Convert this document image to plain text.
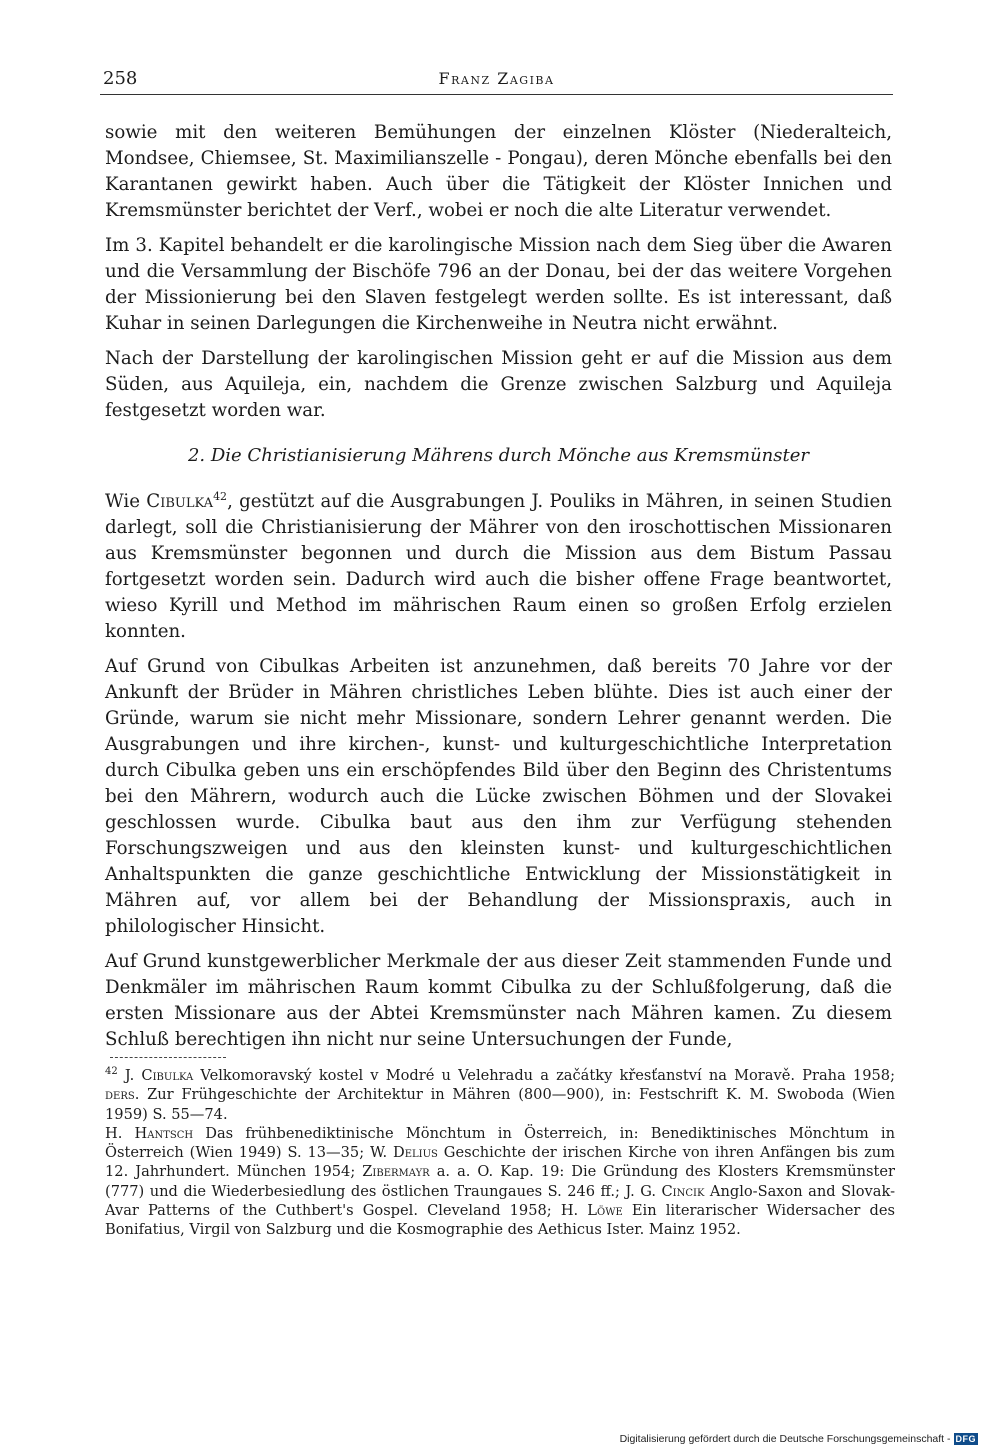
258	Franz Zagiba

sowie mit den weiteren Bemühungen der einzelnen Klöster (Niederalteich, Mondsee, Chiemsee, St. Maximilianszelle - Pongau), deren Mönche ebenfalls bei den Karantanen gewirkt haben. Auch über die Tätigkeit der Klöster Innichen und Kremsmünster berichtet der Verf., wobei er noch die alte Literatur verwendet.

Im 3. Kapitel behandelt er die karolingische Mission nach dem Sieg über die Awaren und die Versammlung der Bischöfe 796 an der Donau, bei der das weitere Vorgehen der Missionierung bei den Slaven festgelegt werden sollte. Es ist interessant, daß Kuhar in seinen Darlegungen die Kirchenweihe in Neutra nicht erwähnt.

Nach der Darstellung der karolingischen Mission geht er auf die Mission aus dem Süden, aus Aquileja, ein, nachdem die Grenze zwischen Salzburg und Aquileja festgesetzt worden war.

2. Die Christianisierung Mährens durch Mönche aus Kremsmünster

Wie Cibulka$^{42}$, gestützt auf die Ausgrabungen J. Pouliks in Mähren, in seinen Studien darlegt, soll die Christianisierung der Mährer von den iroschottischen Missionaren aus Kremsmünster begonnen und durch die Mission aus dem Bistum Passau fortgesetzt worden sein. Dadurch wird auch die bisher offene Frage beantwortet, wieso Kyrill und Method im mährischen Raum einen so großen Erfolg erzielen konnten.

Auf Grund von Cibulkas Arbeiten ist anzunehmen, daß bereits 70 Jahre vor der Ankunft der Brüder in Mähren christliches Leben blühte. Dies ist auch einer der Gründe, warum sie nicht mehr Missionare, sondern Lehrer genannt werden. Die Ausgrabungen und ihre kirchen-, kunst- und kulturgeschichtliche Interpretation durch Cibulka geben uns ein erschöpfendes Bild über den Beginn des Christentums bei den Mährern, wodurch auch die Lücke zwischen Böhmen und der Slovakei geschlossen wurde. Cibulka baut aus den ihm zur Verfügung stehenden Forschungszweigen und aus den kleinsten kunst- und kulturgeschichtlichen Anhaltspunkten die ganze geschichtliche Entwicklung der Missionstätigkeit in Mähren auf, vor allem bei der Behandlung der Missionspraxis, auch in philologischer Hinsicht.

Auf Grund kunstgewerblicher Merkmale der aus dieser Zeit stammenden Funde und Denkmäler im mährischen Raum kommt Cibulka zu der Schlußfolgerung, daß die ersten Missionare aus der Abtei Kremsmünster nach Mähren kamen. Zu diesem Schluß berechtigen ihn nicht nur seine Untersuchungen der Funde,

$^{42}$ J. Cibulka Velkomoravský kostel v Modré u Velehradu a začátky křesťanství na Moravě. Praha 1958; ders. Zur Frühgeschichte der Architektur in Mähren (800—900), in: Festschrift K. M. Swoboda (Wien 1959) S. 55—74.

H. Hantsch Das frühbenediktinische Mönchtum in Österreich, in: Benediktinisches Mönchtum in Österreich (Wien 1949) S. 13—35; W. Delius Geschichte der irischen Kirche von ihren Anfängen bis zum 12. Jahrhundert. München 1954; Zibermayr a. a. O. Kap. 19: Die Gründung des Klosters Kremsmünster (777) und die Wiederbesiedlung des östlichen Traungaues S. 246 ff.; J. G. Cincik Anglo-Saxon and Slovak-Avar Patterns of the Cuthbert's Gospel. Cleveland 1958; H. Löwe Ein literarischer Widersacher des Bonifatius, Virgil von Salzburg und die Kosmographie des Aethicus Ister. Mainz 1952.

Digitalisierung gefördert durch die Deutsche Forschungsgemeinschaft - DFG
